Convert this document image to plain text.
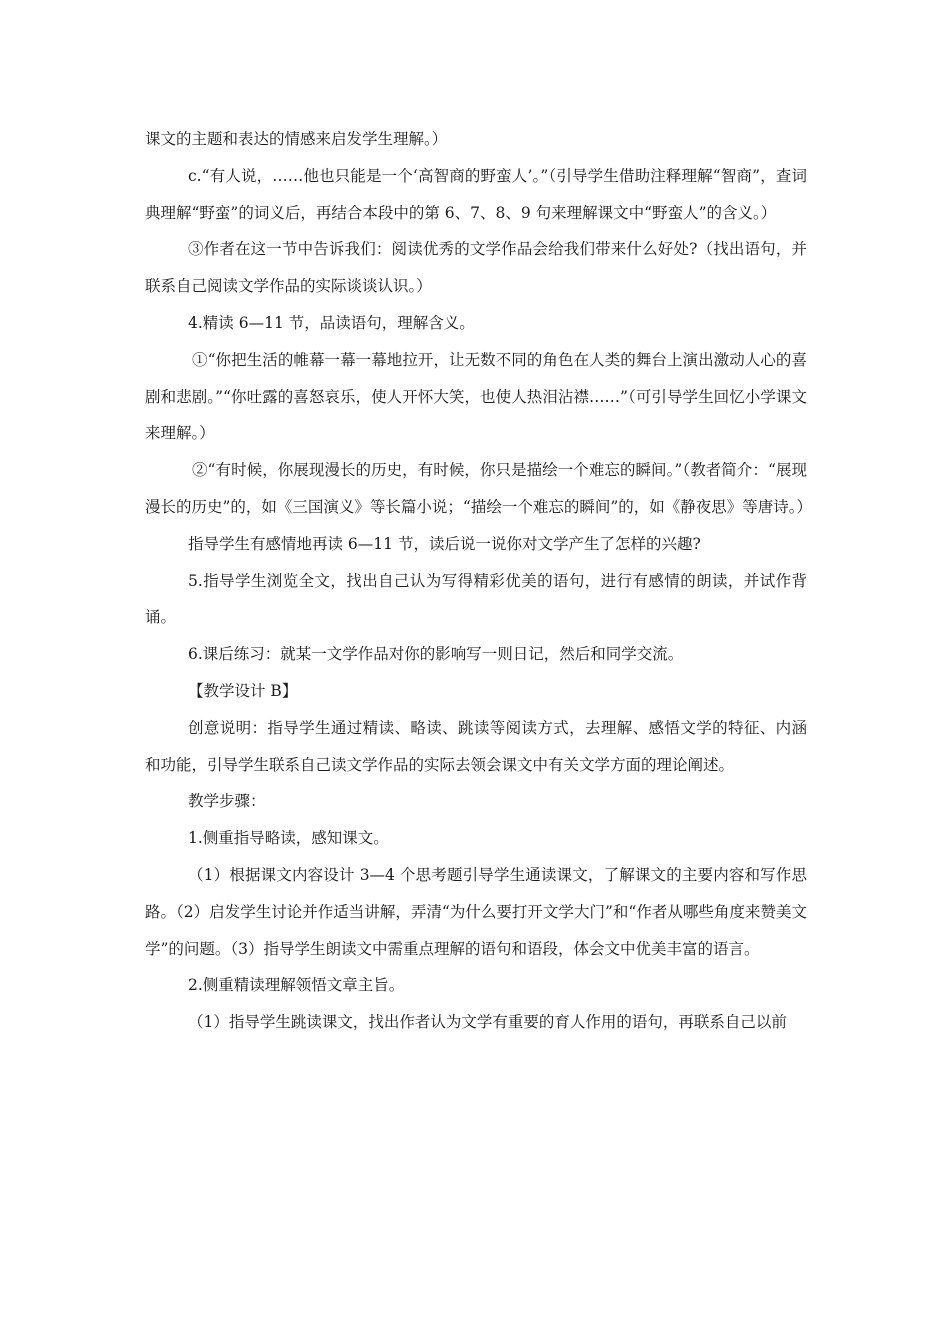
课文的主题和表达的情感来启发学生理解。）

c.“有人说，……他也只能是一个‘高智商的野蛮人’。”（引导学生借助注释理解“智商”，查词典理解“野蛮”的词义后，再结合本段中的第 6、7、8、9 句来理解课文中“野蛮人”的含义。）

③作者在这一节中告诉我们：阅读优秀的文学作品会给我们带来什么好处?（找出语句，并联系自己阅读文学作品的实际谈谈认识。）

4.精读 6—11 节，品读语句，理解含义。

①“你把生活的帷幕一幕一幕地拉开，让无数不同的角色在人类的舞台上演出激动人心的喜剧和悲剧。”“你吐露的喜怒哀乐，使人开怀大笑，也使人热泪沾襟……”（可引导学生回忆小学课文来理解。）

②“有时候，你展现漫长的历史，有时候，你只是描绘一个难忘的瞬间。”（教者简介：“展现漫长的历史”的，如《三国演义》等长篇小说；“描绘一个难忘的瞬间”的，如《静夜思》等唐诗。）

指导学生有感情地再读 6—11 节，读后说一说你对文学产生了怎样的兴趣?

5.指导学生浏览全文，找出自己认为写得精彩优美的语句，进行有感情的朗读，并试作背诵。

6.课后练习：就某一文学作品对你的影响写一则日记，然后和同学交流。

【教学设计 B】

创意说明：指导学生通过精读、略读、跳读等阅读方式，去理解、感悟文学的特征、内涵和功能，引导学生联系自己读文学作品的实际去领会课文中有关文学方面的理论阐述。

教学步骤：

1.侧重指导略读，感知课文。

（1）根据课文内容设计 3—4 个思考题引导学生通读课文，了解课文的主要内容和写作思路。（2）启发学生讨论并作适当讲解，弄清“为什么要打开文学大门”和“作者从哪些角度来赞美文学”的问题。（3）指导学生朗读文中需重点理解的语句和语段，体会文中优美丰富的语言。

2.侧重精读理解领悟文章主旨。

（1）指导学生跳读课文，找出作者认为文学有重要的育人作用的语句，再联系自己以前
